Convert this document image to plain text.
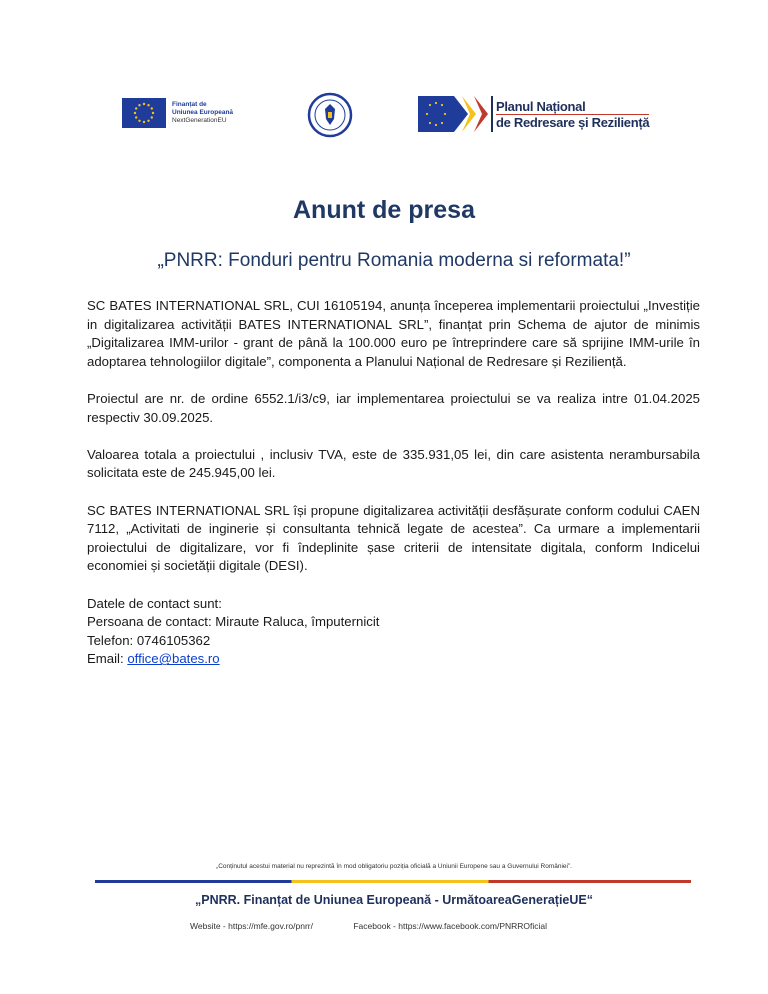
Finanțat de
Uniunea Europeană
NextGenerationEU
Planul Național
de Redresare și Reziliență
Anunt de presa
„PNRR: Fonduri pentru Romania moderna si reformata!”

SC BATES INTERNATIONAL SRL, CUI 16105194, anunța începerea implementarii proiectului „Investiție in digitalizarea activității BATES INTERNATIONAL SRL”, finanțat prin Schema de ajutor de minimis „Digitalizarea IMM-urilor - grant de până la 100.000 euro pe întreprindere care să sprijine IMM-urile în adoptarea tehnologiilor digitale”, componenta a Planului Național de Redresare și Reziliență.

Proiectul are nr. de ordine 6552.1/i3/c9, iar implementarea proiectului se va realiza intre 01.04.2025 respectiv 30.09.2025.

Valoarea totala a proiectului , inclusiv TVA, este de 335.931,05 lei, din care asistenta nerambursabila solicitata este de 245.945,00 lei.

SC BATES INTERNATIONAL SRL își propune digitalizarea activității desfășurate conform codului CAEN 7112, „Activitati de inginerie și consultanta tehnică legate de acestea”. Ca urmare a implementarii proiectului de digitalizare, vor fi îndeplinite șase criterii de intensitate digitala, conform Indicelui economiei și societății digitale (DESI).

Datele de contact sunt:

Persoana de contact: Miraute Raluca, împuternicit

Telefon: 0746105362

Email: office@bates.ro

„Conținutul acestui material nu reprezintă în mod obligatoriu poziția oficială a Uniunii Europene sau a Guvernului României”.
„PNRR. Finanțat de Uniunea Europeană - UrmătoareaGenerațieUE“
Website - https://mfe.gov.ro/pnrr/	Facebook - https://www.facebook.com/PNRROficial
